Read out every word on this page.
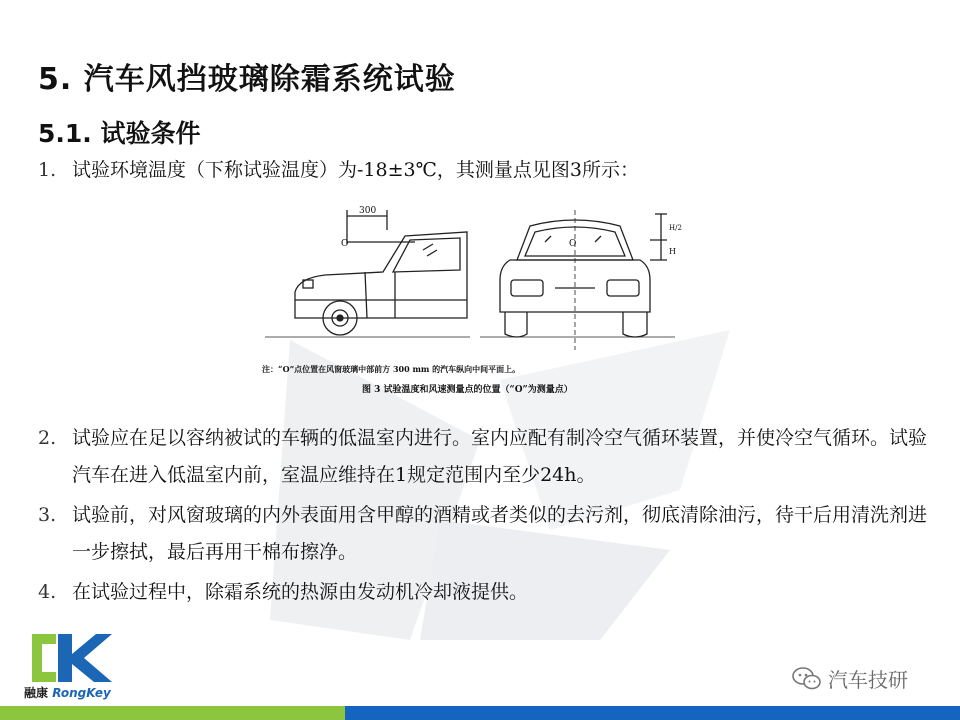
5. 汽车风挡玻璃除霜系统试验
5.1. 试验条件
1. 试验环境温度（下称试验温度）为-18±3℃，其测量点见图3所示：
300
O	O
H/2
H
注：“O”点位置在风窗玻璃中部前方 300 mm 的汽车纵向中间平面上。
图 3 试验温度和风速测量点的位置（“O”为测量点）
2. 试验应在足以容纳被试的车辆的低温室内进行。室内应配有制冷空气循环装置，并使冷空气循环。试验汽车在进入低温室内前，室温应维持在1规定范围内至少24h。
3. 试验前，对风窗玻璃的内外表面用含甲醇的酒精或者类似的去污剂，彻底清除油污，待干后用清洗剂进一步擦拭，最后再用干棉布擦净。
4. 在试验过程中，除霜系统的热源由发动机冷却液提供。
融康 RongKey
汽车技研
